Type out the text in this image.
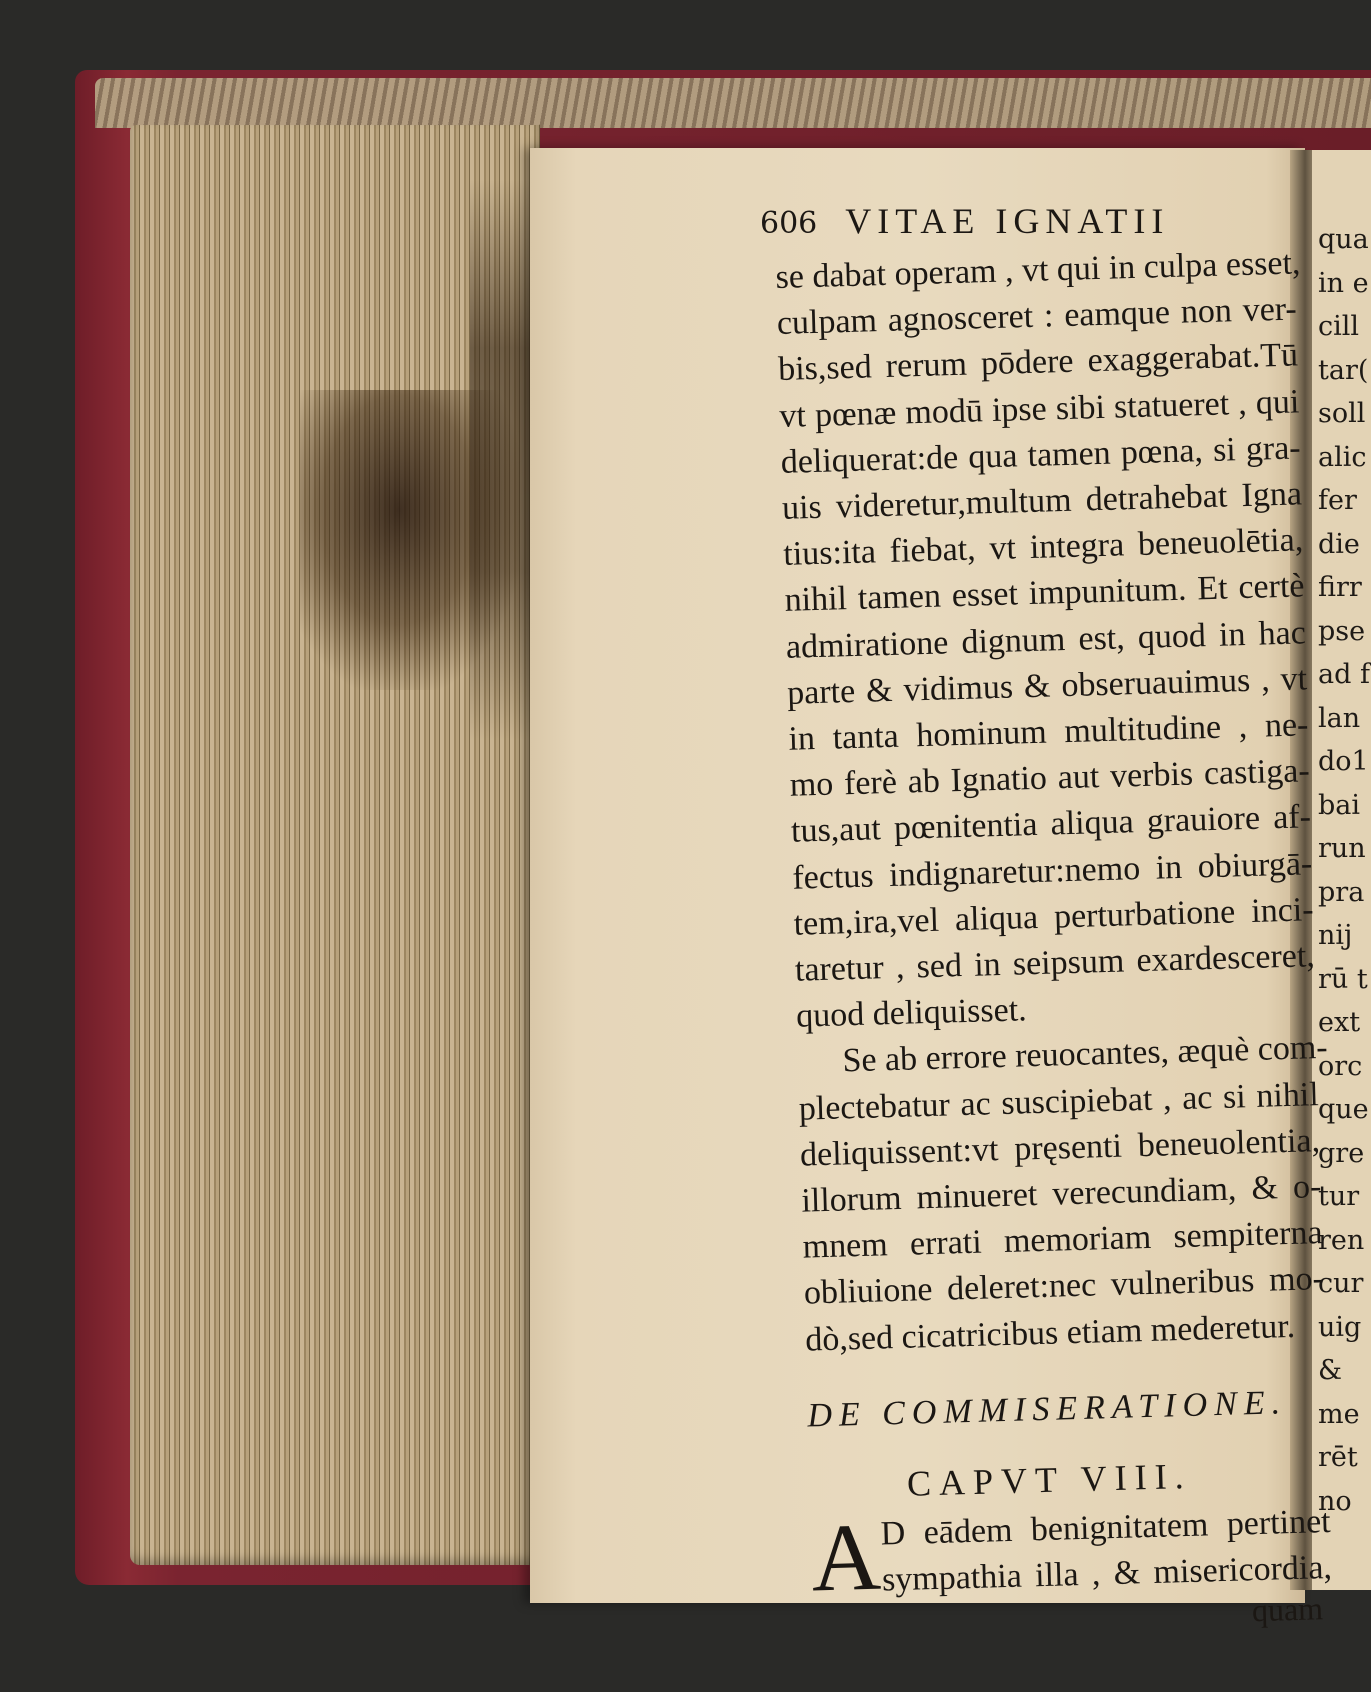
qua
in e
cill
tar(
soll
alic
fer
die
firr
pse
ad f
lan
do1
bai
run
pra
nij
rū t
ext
orc
que
gre
tur
ren
cur
uig
&
me
rēt
no
606 VITAE IGNATII
se dabat operam , vt qui in culpa esset,
culpam agnosceret : eamque non ver-
bis,sed rerum pōdere exaggerabat.Tū
vt pœnæ modū ipse sibi statueret , qui
deliquerat:de qua tamen pœna, si gra-
uis videretur,multum detrahebat Igna
tius:ita fiebat, vt integra beneuolētia,
nihil tamen esset impunitum. Et certè
admiratione dignum est, quod in hac
parte & vidimus & obseruauimus , vt
in tanta hominum multitudine , ne-
mo ferè ab Ignatio aut verbis castiga-
tus,aut pœnitentia aliqua grauiore af-
fectus indignaretur:nemo in obiurgā-
tem,ira,vel aliqua perturbatione inci-
taretur , sed in seipsum exardesceret,
quod deliquisset.
Se ab errore reuocantes, æquè com-
plectebatur ac suscipiebat , ac si nihil
deliquissent:vt pręsenti beneuolentia,
illorum minueret verecundiam, & o-
mnem errati memoriam sempiterna
obliuione deleret:nec vulneribus mo-
dò,sed cicatricibus etiam mederetur.
DE COMMISERATIONE.
CAPVT VIII.
A
D eādem benignitatem pertinet
sympathia illa , & misericordia,
quam
